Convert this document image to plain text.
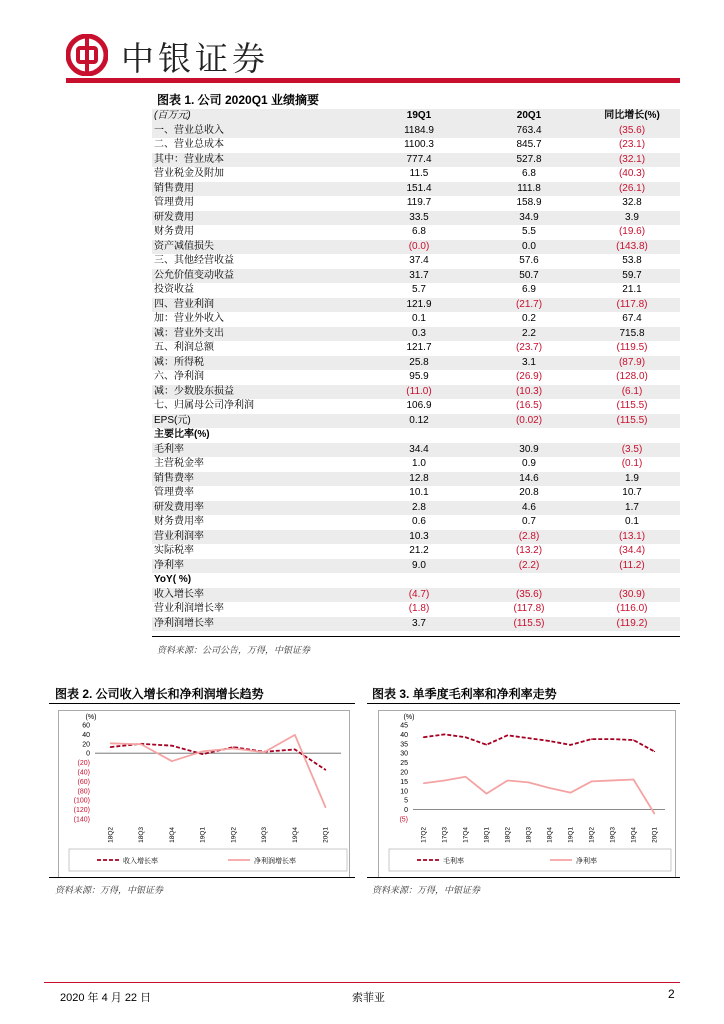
中银证券
图表 1. 公司 2020Q1 业绩摘要
(百万元)	19Q1	20Q1	同比增长(%)
一、营业总收入	1184.9	763.4	(35.6)
二、营业总成本	1100.3	845.7	(23.1)
其中：营业成本	777.4	527.8	(32.1)
营业税金及附加	11.5	6.8	(40.3)
销售费用	151.4	111.8	(26.1)
管理费用	119.7	158.9	32.8
研发费用	33.5	34.9	3.9
财务费用	6.8	5.5	(19.6)
资产减值损失	(0.0)	0.0	(143.8)
三、其他经营收益	37.4	57.6	53.8
公允价值变动收益	31.7	50.7	59.7
投资收益	5.7	6.9	21.1
四、营业利润	121.9	(21.7)	(117.8)
加：营业外收入	0.1	0.2	67.4
减：营业外支出	0.3	2.2	715.8
五、利润总额	121.7	(23.7)	(119.5)
减：所得税	25.8	3.1	(87.9)
六、净利润	95.9	(26.9)	(128.0)
减：少数股东损益	(11.0)	(10.3)	(6.1)
七、归属母公司净利润	106.9	(16.5)	(115.5)
EPS(元)	0.12	(0.02)	(115.5)
主要比率(%)			
毛利率	34.4	30.9	(3.5)
主营税金率	1.0	0.9	(0.1)
销售费率	12.8	14.6	1.9
管理费率	10.1	20.8	10.7
研发费用率	2.8	4.6	1.7
财务费用率	0.6	0.7	0.1
营业利润率	10.3	(2.8)	(13.1)
实际税率	21.2	(13.2)	(34.4)
净利率	9.0	(2.2)	(11.2)
YoY( %)			
收入增长率	(4.7)	(35.6)	(30.9)
营业利润增长率	(1.8)	(117.8)	(116.0)
净利润增长率	3.7	(115.5)	(119.2)
资料来源：公司公告，万得，中银证券
图表 2. 公司收入增长和净利润增长趋势
(%)
60
40
20
0
(20)
(40)
(60)
(80)
(100)
(120)
(140)
18Q2	18Q3	18Q4	19Q1	19Q2	19Q3	19Q4	20Q1
收入增长率	净利润增长率
资料来源：万得，中银证券
图表 3. 单季度毛利率和净利率走势
(%)
45
40
35
30
25
20
15
10
5
0
(5)
17Q2 17Q3 17Q4 18Q1 18Q2 18Q3 18Q4 19Q1 19Q2 19Q3 19Q4 20Q1
毛利率	净利率
资料来源：万得，中银证券
2020 年 4 月 22 日	索菲亚	2
